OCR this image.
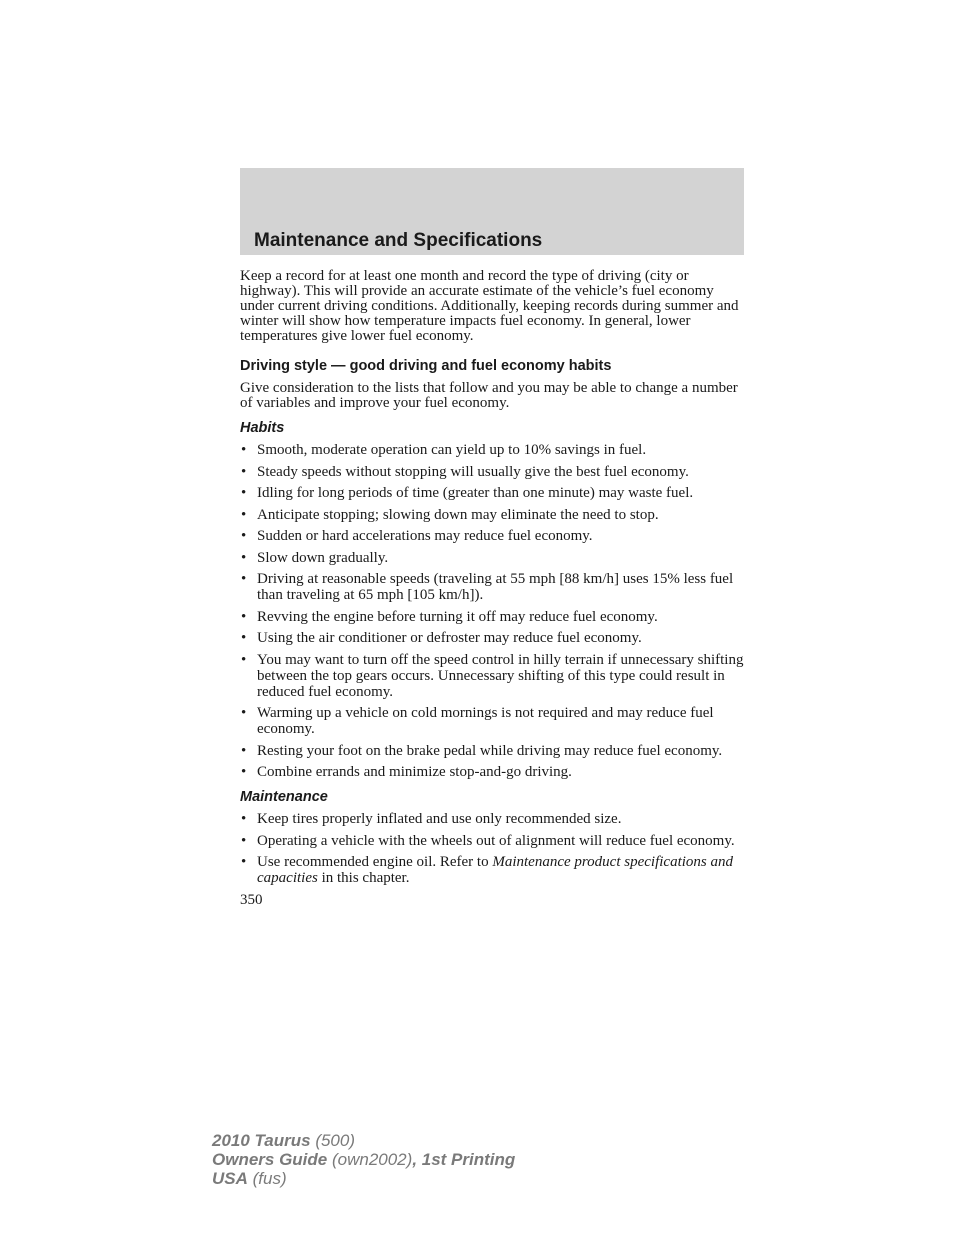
Maintenance and Specifications

Keep a record for at least one month and record the type of driving (city or highway). This will provide an accurate estimate of the vehicle’s fuel economy under current driving conditions. Additionally, keeping records during summer and winter will show how temperature impacts fuel economy. In general, lower temperatures give lower fuel economy.

Driving style — good driving and fuel economy habits

Give consideration to the lists that follow and you may be able to change a number of variables and improve your fuel economy.

Habits
• Smooth, moderate operation can yield up to 10% savings in fuel.
• Steady speeds without stopping will usually give the best fuel economy.
• Idling for long periods of time (greater than one minute) may waste fuel.
• Anticipate stopping; slowing down may eliminate the need to stop.
• Sudden or hard accelerations may reduce fuel economy.
• Slow down gradually.
• Driving at reasonable speeds (traveling at 55 mph [88 km/h] uses 15% less fuel than traveling at 65 mph [105 km/h]).
• Revving the engine before turning it off may reduce fuel economy.
• Using the air conditioner or defroster may reduce fuel economy.
• You may want to turn off the speed control in hilly terrain if unnecessary shifting between the top gears occurs. Unnecessary shifting of this type could result in reduced fuel economy.
• Warming up a vehicle on cold mornings is not required and may reduce fuel economy.
• Resting your foot on the brake pedal while driving may reduce fuel economy.
• Combine errands and minimize stop-and-go driving.
Maintenance
• Keep tires properly inflated and use only recommended size.
• Operating a vehicle with the wheels out of alignment will reduce fuel economy.
• Use recommended engine oil. Refer to Maintenance product specifications and capacities in this chapter.
350
2010 Taurus (500)
Owners Guide (own2002), 1st Printing
USA (fus)
